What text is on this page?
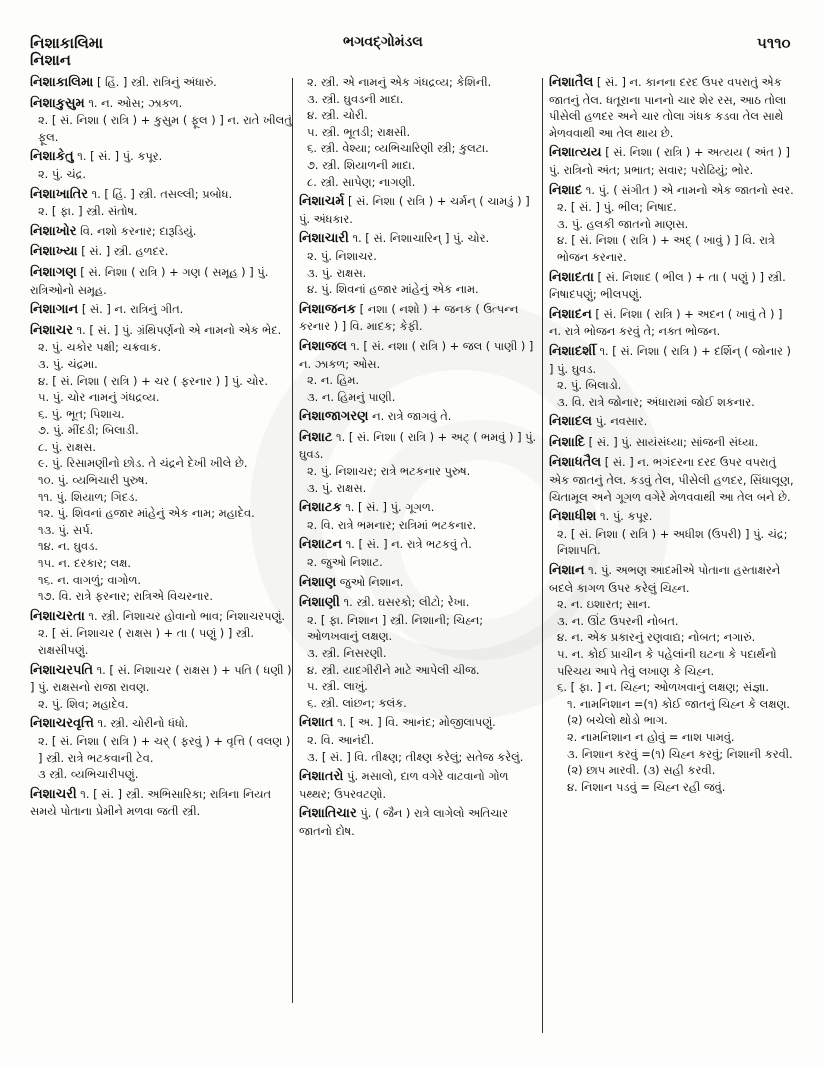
નિશાકાલિમા
નિશાન
ભગવદ્ગોમંડલ	૫૧૧૦
નિશાકાલિમા [ હિં. ] સ્ત્રી. રાત્રિનું અંધારું.
નિશાકુસુમ ૧. ન. ઓસ; ઝાકળ.
૨. [ સં. નિશા ( રાત્રિ ) + કુસુમ ( ફૂલ ) ] ન. રાતે ખીલતું ફૂલ.
નિશાકેતુ ૧. [ સં. ] પું. કપૂર.
૨. પું. ચંદ્ર.
નિશાખાતિર ૧. [ હિં. ] સ્ત્રી. તસલ્લી; પ્રબોધ.
૨. [ ફા. ] સ્ત્રી. સંતોષ.
નિશાખોર વિ. નશો કરનાર; દારૂડિયું.
નિશાખ્યા [ સં. ] સ્ત્રી. હળદર.
નિશાગણ [ સં. નિશા ( રાત્રિ ) + ગણ ( સમૂહ ) ] પું. રાત્રિઓનો સમૂહ.
નિશાગાન [ સં. ] ન. રાત્રિનું ગીત.
નિશાચર ૧. [ સં. ] પું. ગ્રંથિપર્ણનો એ નામનો એક ભેદ.
૨. પું. ચકોર પક્ષી; ચક્રવાક.
૩. પું. ચંદ્રમા.
૪. [ સં. નિશા ( રાત્રિ ) + ચર ( ફરનાર ) ] પું. ચોર.
૫. પું. ચોર નામનું ગંધદ્રવ્ય.
૬. પું. ભૂત; પિશાચ.
૭. પું. મીંદડી; બિલાડી.
૮. પું. રાક્ષસ.
૯. પું. રિસામણીનો છોડ. તે ચંદ્રને દેખી ખીલે છે.
૧૦. પું. વ્યભિચારી પુરુષ.
૧૧. પું. શિયાળ; ગિદડ.
૧૨. પું. શિવનાં હજાર માંહેનું એક નામ; મહાદેવ.
૧૩. પું. સર્પ.
૧૪. ન. ઘુવડ.
૧૫. ન. દરકાર; લક્ષ.
૧૬. ન. વાગળું; વાગોળ.
૧૭. વિ. રાત્રે ફરનાર; રાત્રિએ વિચરનાર.
નિશાચરતા ૧. સ્ત્રી. નિશાચર હોવાનો ભાવ; નિશાચરપણું.
૨. [ સં. નિશાચર ( રાક્ષસ ) + તા ( પણું ) ] સ્ત્રી. રાક્ષસીપણું.
નિશાચરપતિ ૧. [ સં. નિશાચર ( રાક્ષસ ) + પતિ ( ધણી ) ] પું. રાક્ષસનો રાજા રાવણ.
૨. પું. શિવ; મહાદેવ.
નિશાચરવૃત્તિ ૧. સ્ત્રી. ચોરીનો ધંધો.
૨. [ સં. નિશા ( રાત્રિ ) + ચર્ ( ફરવું ) + વૃત્તિ ( વલણ ) ] સ્ત્રી. રાત્રે ભટકવાની ટેવ.
૩ સ્ત્રી. વ્યભિચારીપણું.
નિશાચરી ૧. [ સં. ] સ્ત્રી. અભિસારિકા; રાત્રિના નિયત સમયે પોતાના પ્રેમીને મળવા જતી સ્ત્રી.
૨. સ્ત્રી. એ નામનું એક ગંધદ્રવ્ય; કેશિની.
૩. સ્ત્રી. ઘુવડની માદા.
૪. સ્ત્રી. ચોરી.
૫. સ્ત્રી. ભૂતડી; રાક્ષસી.
૬. સ્ત્રી. વેશ્યા; વ્યભિચારિણી સ્ત્રી; કુલટા.
૭. સ્ત્રી. શિયાળની માદા.
૮. સ્ત્રી. સાપેણ; નાગણી.
નિશાચર્મ [ સં. નિશા ( રાત્રિ ) + ચર્મન્ ( ચામડું ) ] પું. અંધકાર.
નિશાચારી ૧. [ સં. નિશાચારિન્ ] પું. ચોર.
૨. પું. નિશાચર.
૩. પું. રાક્ષસ.
૪. પું. શિવનાં હજાર માંહેનું એક નામ.
નિશાજનક [ નશા ( નશો ) + જનક ( ઉત્પન્ન કરનાર ) ] વિ. માદક; કેફી.
નિશાજલ ૧. [ સં. નશા ( રાત્રિ ) + જલ ( પાણી ) ] ન. ઝાકળ; ઓસ.
૨. ન. હિમ.
૩. ન. હિમનું પાણી.
નિશાજાગરણ ન. રાત્રે જાગવું તે.
નિશાટ ૧. [ સં. નિશા ( રાત્રિ ) + અટ્ ( ભમવું ) ] પું. ઘુવડ.
૨. પું. નિશાચર; રાત્રે ભટકનાર પુરુષ.
૩. પું. રાક્ષસ.
નિશાટક ૧. [ સં. ] પું. ગૂગળ.
૨. વિ. રાત્રે ભમનાર; રાત્રિમાં ભટકનાર.
નિશાટન ૧. [ સં. ] ન. રાત્રે ભટકવું તે.
૨. જુઓ નિશાટ.
નિશાણ જુઓ નિશાન.
નિશાણી ૧. સ્ત્રી. ઘસરકો; લીટો; રેખા.
૨. [ ફા. નિશાન ] સ્ત્રી. નિશાની; ચિહ્ન; ઓળખવાનું લક્ષણ.
૩. સ્ત્રી. નિસરણી.
૪. સ્ત્રી. યાદગીરીને માટે આપેલી ચીજ.
૫. સ્ત્રી. લાખું.
૬. સ્ત્રી. લાંછન; કલંક.
નિશાત ૧. [ અ. ] વિ. આનંદ; મોજીલાપણું.
૨. વિ. આનંદી.
૩. [ સં. ] વિ. તીક્ષ્ણ; તીક્ષ્ણ કરેલું; સતેજ કરેલું.
નિશાતરો પું. મસાલો, દાળ વગેરે વાટવાનો ગોળ પથ્થર; ઉપરવટણો.
નિશાતિચાર પું. ( જૈન ) રાત્રે લાગેલો અતિચાર જાતનો દોષ.
નિશાતૈલ [ સં. ] ન. કાનના દરદ ઉપર વપરાતું એક જાતનું તેલ. ધતૂરાના પાનનો ચાર શેર રસ, આઠ તોલા પીસેલી હળદર અને ચાર તોલા ગંધક કડવા તેલ સાથે મેળવવાથી આ તેલ થાય છે.
નિશાત્યય [ સં. નિશા ( રાત્રિ ) + અત્યય ( અંત ) ] પું. રાત્રિનો અંત; પ્રભાત; સવાર; પરોઢિયું; ભોર.
નિશાદ ૧. પું. ( સંગીત ) એ નામનો એક જાતનો સ્વર.
૨. [ સં. ] પું. ભીલ; નિષાદ.
૩. પું. હલકી જાતનો માણસ.
૪. [ સં. નિશા ( રાત્રિ ) + અદ્ ( ખાવું ) ] વિ. રાત્રે ભોજન કરનાર.
નિશાદતા [ સં. નિશાદ ( ભીલ ) + તા ( પણું ) ] સ્ત્રી. નિષાદપણું; ભીલપણું.
નિશાદન [ સં. નિશા ( રાત્રિ ) + અદન ( ખાવું તે ) ] ન. રાત્રે ભોજન કરવું તે; નક્ત ભોજન.
નિશાદર્શી ૧. [ સં. નિશા ( રાત્રિ ) + દર્શિન્ ( જોનાર ) ] પું. ઘુવડ.
૨. પું. બિલાડો.
૩. વિ. રાત્રે જોનાર; અંધારામાં જોઈ શકનાર.
નિશાદલ પું. નવસાર.
નિશાદિ [ સં. ] પું. સાયંસંધ્યા; સાંજની સંધ્યા.
નિશાધતૈલ [ સં. ] ન. ભગંદરના દરદ ઉપર વપરાતું એક જાતનું તેલ. કડવું તેલ, પીસેલી હળદર, સિંધાલૂણ, ચિતામૂલ અને ગૂગળ વગેરે મેળવવાથી આ તેલ બને છે.
નિશાધીશ ૧. પું. કપૂર.
૨. [ સં. નિશા ( રાત્રિ ) + અધીશ (ઉપરી) ] પું. ચંદ્ર; નિશાપતિ.
નિશાન ૧. પું. અભણ આદમીએ પોતાના હસ્તાક્ષરને બદલે કાગળ ઉપર કરેલું ચિહ્ન.
૨. ન. ઇશારત; સાન.
૩. ન. ઊંટ ઉપરની નોબત.
૪. ન. એક પ્રકારનું રણવાદ્ય; નોબત; નગારું.
૫. ન. કોઈ પ્રાચીન કે પહેલાંની ઘટના કે પદાર્થનો પરિચય આપે તેવું લખાણ કે ચિહ્ન.
૬. [ ફા. ] ન. ચિહ્ન; ઓળખવાનું લક્ષણ; સંજ્ઞા.
૧. નામનિશાન =(૧) કોઈ જાતનું ચિહ્ન કે લક્ષણ. (૨) બચેલો થોડો ભાગ.
૨. નામનિશાન ન હોવું = નાશ પામવું.
૩. નિશાન કરવું =(૧) ચિહ્ન કરવું; નિશાની કરવી. (૨) છાપ મારવી. (૩) સહી કરવી.
૪. નિશાન પડવું = ચિહ્ન રહી જવું.
